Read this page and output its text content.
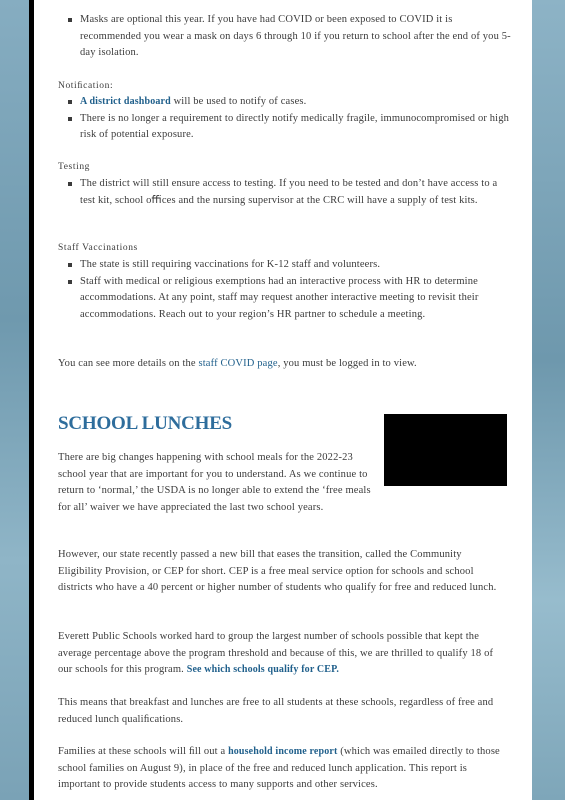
Masks are optional this year. If you have had COVID or been exposed to COVID it is recommended you wear a mask on days 6 through 10 if you return to school after the end of you 5-day isolation.
Notiﬁcation:
A district dashboard will be used to notify of cases.
There is no longer a requirement to directly notify medically fragile, immunocompromised or high risk of potential exposure.
Testing
The district will still ensure access to testing. If you need to be tested and don’t have access to a test kit, school oﬃces and the nursing supervisor at the CRC will have a supply of test kits.
Staff Vaccinations
The state is still requiring vaccinations for K-12 staff and volunteers.
Staff with medical or religious exemptions had an interactive process with HR to determine accommodations. At any point, staff may request another interactive meeting to revisit their accommodations. Reach out to your region’s HR partner to schedule a meeting.
You can see more details on the staff COVID page, you must be logged in to view.
SCHOOL LUNCHES
There are big changes happening with school meals for the 2022-23 school year that are important for you to understand. As we continue to return to ‘normal,’ the USDA is no longer able to extend the ‘free meals for all’ waiver we have appreciated the last two school years.
However, our state recently passed a new bill that eases the transition, called the Community Eligibility Provision, or CEP for short. CEP is a free meal service option for schools and school districts who have a 40 percent or higher number of students who qualify for free and reduced lunch.
Everett Public Schools worked hard to group the largest number of schools possible that kept the average percentage above the program threshold and because of this, we are thrilled to qualify 18 of our schools for this program. See which schools qualify for CEP.
This means that breakfast and lunches are free to all students at these schools, regardless of free and reduced lunch qualiﬁcations.
Families at these schools will ﬁll out a household income report (which was emailed directly to those school families on August 9), in place of the free and reduced lunch application. This report is important to provide students access to many supports and other services.
